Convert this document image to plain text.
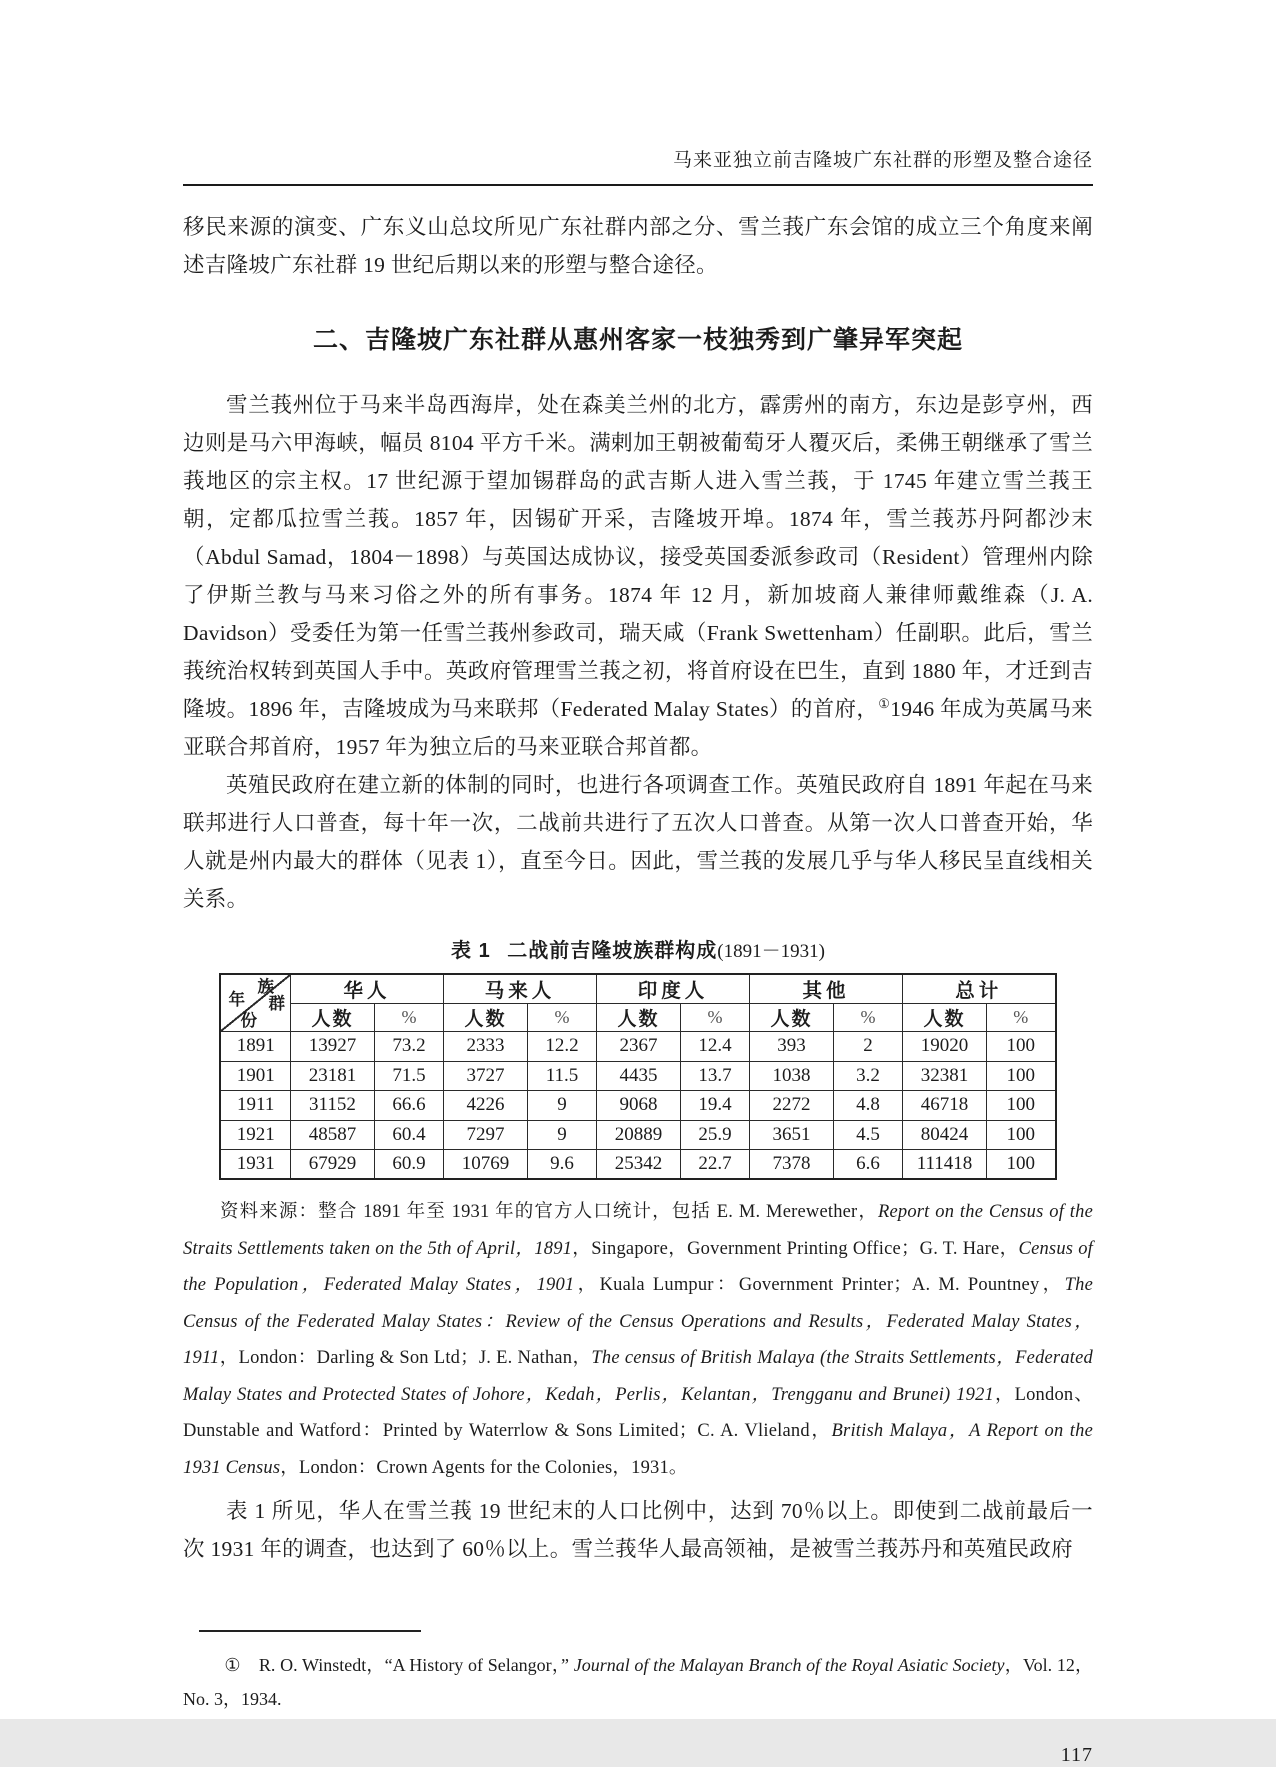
马来亚独立前吉隆坡广东社群的形塑及整合途径

移民来源的演变、广东义山总坟所见广东社群内部之分、雪兰莪广东会馆的成立三个角度来阐述吉隆坡广东社群 19 世纪后期以来的形塑与整合途径。

二、吉隆坡广东社群从惠州客家一枝独秀到广肇异军突起

雪兰莪州位于马来半岛西海岸，处在森美兰州的北方，霹雳州的南方，东边是彭亨州，西边则是马六甲海峡，幅员 8104 平方千米。满剌加王朝被葡萄牙人覆灭后，柔佛王朝继承了雪兰莪地区的宗主权。17 世纪源于望加锡群岛的武吉斯人进入雪兰莪，于 1745 年建立雪兰莪王朝，定都瓜拉雪兰莪。1857 年，因锡矿开采，吉隆坡开埠。1874 年，雪兰莪苏丹阿都沙末（Abdul Samad，1804－1898）与英国达成协议，接受英国委派参政司（Resident）管理州内除了伊斯兰教与马来习俗之外的所有事务。1874 年 12 月，新加坡商人兼律师戴维森（J. A. Davidson）受委任为第一任雪兰莪州参政司，瑞天咸（Frank Swettenham）任副职。此后，雪兰莪统治权转到英国人手中。英政府管理雪兰莪之初，将首府设在巴生，直到 1880 年，才迁到吉隆坡。1896 年，吉隆坡成为马来联邦（Federated Malay States）的首府，①1946 年成为英属马来亚联合邦首府，1957 年为独立后的马来亚联合邦首都。

英殖民政府在建立新的体制的同时，也进行各项调查工作。英殖民政府自 1891 年起在马来联邦进行人口普查，每十年一次，二战前共进行了五次人口普查。从第一次人口普查开始，华人就是州内最大的群体（见表 1），直至今日。因此，雪兰莪的发展几乎与华人移民呈直线相关关系。

表 1 二战前吉隆坡族群构成(1891－1931)
族
群
年
份	华人		马来人		印度人		其他		总计	
	人数	%	人数	%	人数	%	人数	%	人数	%
1891	13927	73.2	2333	12.2	2367	12.4	393	2	19020	100
1901	23181	71.5	3727	11.5	4435	13.7	1038	3.2	32381	100
1911	31152	66.6	4226	9	9068	19.4	2272	4.8	46718	100
1921	48587	60.4	7297	9	20889	25.9	3651	4.5	80424	100
1931	67929	60.9	10769	9.6	25342	22.7	7378	6.6	111418	100

资料来源：整合 1891 年至 1931 年的官方人口统计，包括 E. M. Merewether，Report on the Census of the Straits Settlements taken on the 5th of April，1891，Singapore，Government Printing Office；G. T. Hare，Census of the Population，Federated Malay States，1901，Kuala Lumpur：Government Printer；A. M. Pountney，The Census of the Federated Malay States：Review of the Census Operations and Results，Federated Malay States，1911，London：Darling & Son Ltd；J. E. Nathan，The census of British Malaya (the Straits Settlements，Federated Malay States and Protected States of Johore，Kedah，Perlis，Kelantan，Trengganu and Brunei) 1921，London、Dunstable and Watford：Printed by Waterrlow & Sons Limited；C. A. Vlieland，British Malaya，A Report on the 1931 Census，London：Crown Agents for the Colonies，1931。

表 1 所见，华人在雪兰莪 19 世纪末的人口比例中，达到 70％以上。即使到二战前最后一次 1931 年的调查，也达到了 60％以上。雪兰莪华人最高领袖，是被雪兰莪苏丹和英殖民政府

①　R. O. Winstedt，“A History of Selangor，” Journal of the Malayan Branch of the Royal Asiatic Society，Vol. 12，No. 3，1934.

117
